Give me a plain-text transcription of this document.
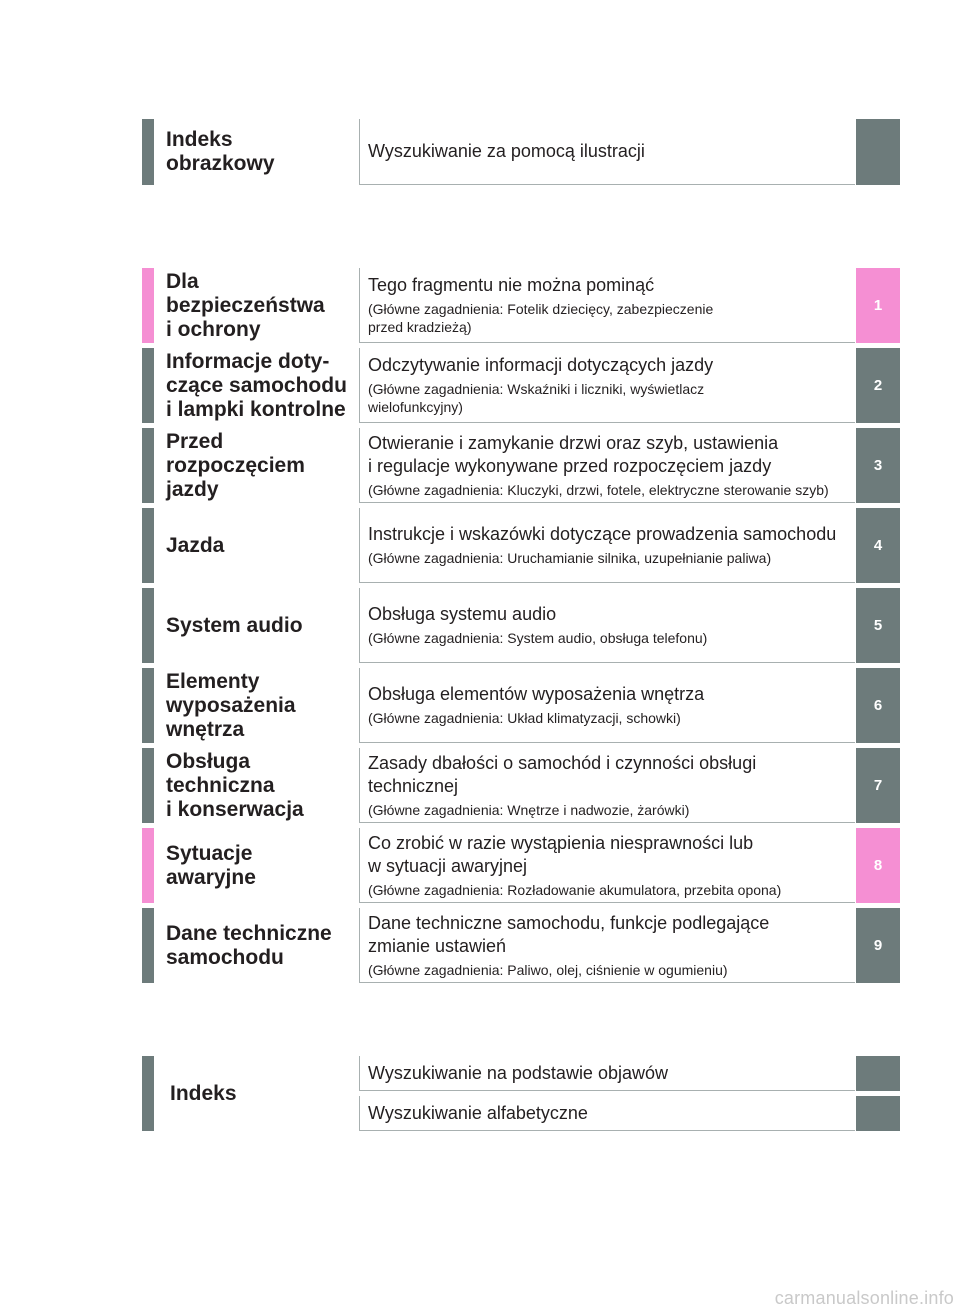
Indeks
obrazkowy
Wyszukiwanie za pomocą ilustracji
Dla
bezpieczeństwa
i ochrony
Tego fragmentu nie można pominąć
(Główne zagadnienia: Fotelik dziecięcy, zabezpieczenie
przed kradzieżą)
1
Informacje doty-
czące samochodu
i lampki kontrolne
Odczytywanie informacji dotyczących jazdy
(Główne zagadnienia: Wskaźniki i liczniki, wyświetlacz
wielofunkcyjny)
2
Przed
rozpoczęciem
jazdy
Otwieranie i zamykanie drzwi oraz szyb, ustawienia
i regulacje wykonywane przed rozpoczęciem jazdy
(Główne zagadnienia: Kluczyki, drzwi, fotele, elektryczne sterowanie szyb)
3
Jazda	Instrukcje i wskazówki dotyczące prowadzenia samochodu
(Główne zagadnienia: Uruchamianie silnika, uzupełnianie paliwa)
4
System audio	Obsługa systemu audio
(Główne zagadnienia: System audio, obsługa telefonu)
5
Elementy
wyposażenia
wnętrza
Obsługa elementów wyposażenia wnętrza
(Główne zagadnienia: Układ klimatyzacji, schowki)
6
Obsługa
techniczna
i konserwacja
Zasady dbałości o samochód i czynności obsługi
technicznej
(Główne zagadnienia: Wnętrze i nadwozie, żarówki)
7
Sytuacje
awaryjne
Co zrobić w razie wystąpienia niesprawności lub
w sytuacji awaryjnej
(Główne zagadnienia: Rozładowanie akumulatora, przebita opona)
8
Dane techniczne
samochodu
Dane techniczne samochodu, funkcje podlegające
zmianie ustawień
(Główne zagadnienia: Paliwo, olej, ciśnienie w ogumieniu)
9
Indeks
Wyszukiwanie na podstawie objawów
Wyszukiwanie alfabetyczne
carmanualsonline.info
